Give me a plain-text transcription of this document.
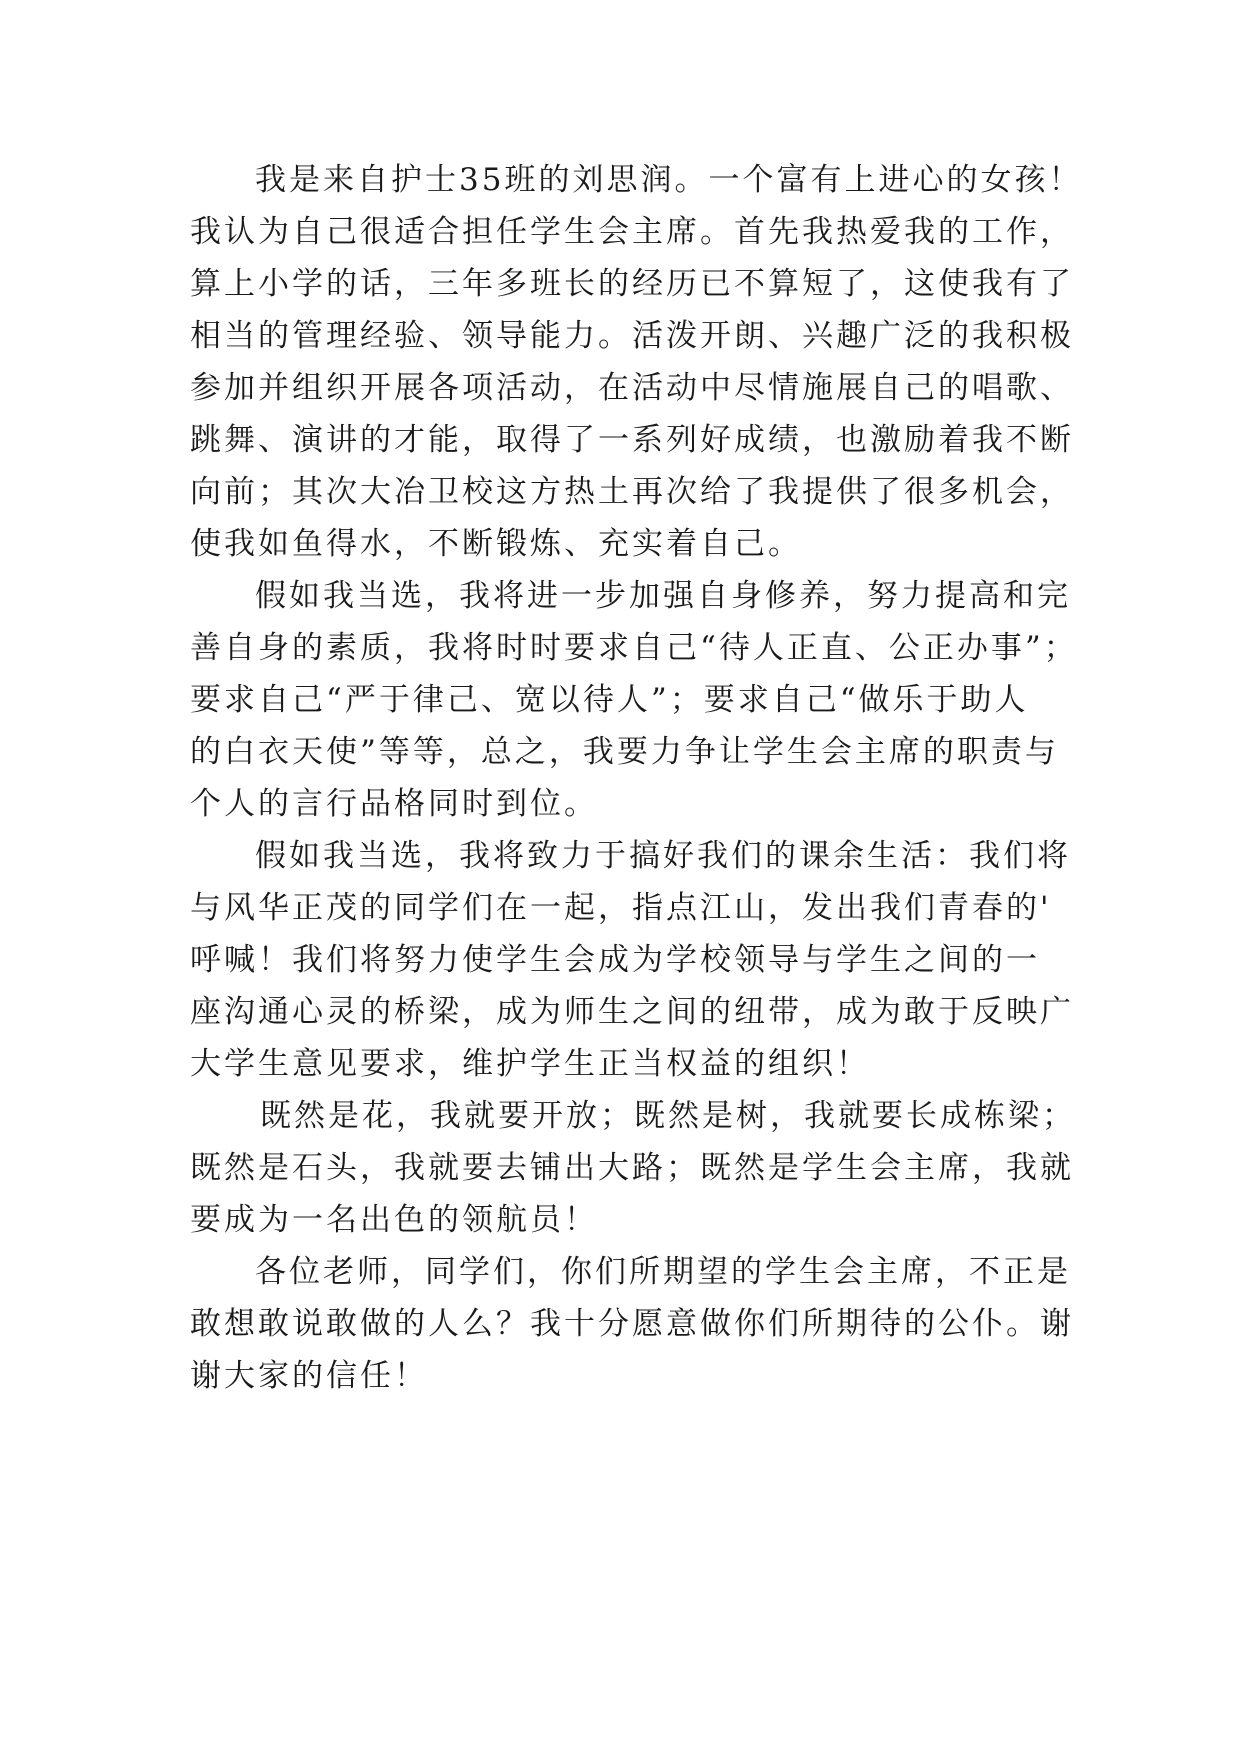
我是来自护士35班的刘思润。一个富有上进心的女孩！
我认为自己很适合担任学生会主席。首先我热爱我的工作，
算上小学的话，三年多班长的经历已不算短了，这使我有了
相当的管理经验、领导能力。活泼开朗、兴趣广泛的我积极
参加并组织开展各项活动，在活动中尽情施展自己的唱歌、
跳舞、演讲的才能，取得了一系列好成绩，也激励着我不断
向前；其次大冶卫校这方热土再次给了我提供了很多机会，
使我如鱼得水，不断锻炼、充实着自己。
假如我当选，我将进一步加强自身修养，努力提高和完
善自身的素质，我将时时要求自己“待人正直、公正办事”；
要求自己“严于律己、宽以待人”；要求自己“做乐于助人
的白衣天使”等等，总之，我要力争让学生会主席的职责与
个人的言行品格同时到位。
假如我当选，我将致力于搞好我们的课余生活：我们将
与风华正茂的同学们在一起，指点江山，发出我们青春的'
呼喊！我们将努力使学生会成为学校领导与学生之间的一
座沟通心灵的桥梁，成为师生之间的纽带，成为敢于反映广
大学生意见要求，维护学生正当权益的组织！
既然是花，我就要开放；既然是树，我就要长成栋梁；
既然是石头，我就要去铺出大路；既然是学生会主席，我就
要成为一名出色的领航员！
各位老师，同学们，你们所期望的学生会主席，不正是
敢想敢说敢做的人么？我十分愿意做你们所期待的公仆。谢
谢大家的信任！
